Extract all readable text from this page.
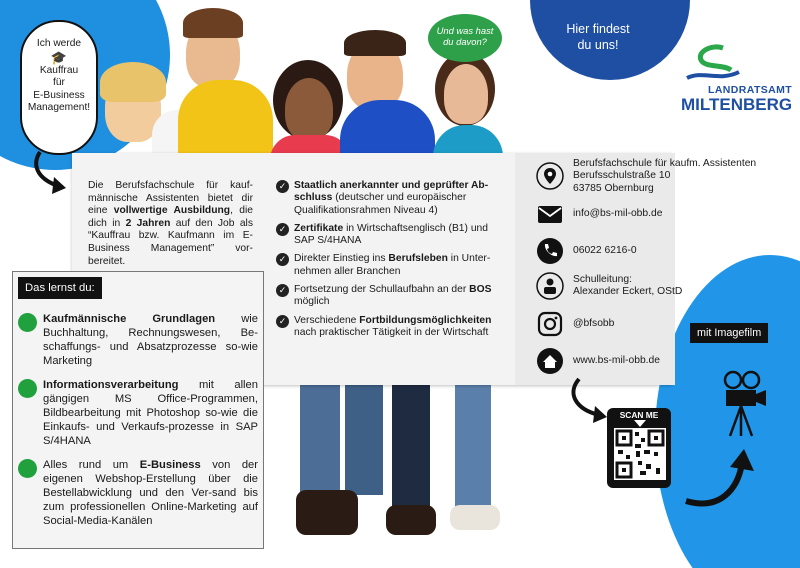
Ich werde
🎓
Kauffrau
für
E-Business
Management!
Und was hast
du davon?
Hier findest
du uns!
LANDRATSAMT
MILTENBERG
Die Berufsfachschule für kauf-männische Assistenten bietet dir eine vollwertige Ausbildung, die dich in 2 Jahren auf den Job als “Kauffrau bzw. Kaufmann im E-Business Management” vor-bereitet.
✓ Staatlich anerkannter und geprüfter Ab-schluss (deutscher und europäischer Qualifikationsrahmen Niveau 4)
✓ Zertifikate in Wirtschaftsenglisch (B1) und SAP S/4HANA
✓ Direkter Einstieg ins Berufsleben in Unter-nehmen aller Branchen
✓ Fortsetzung der Schullaufbahn an der BOS möglich
✓ Verschiedene Fortbildungsmöglichkeiten nach praktischer Tätigkeit in der Wirtschaft
Berufsfachschule für kaufm. Assistenten
Berufsschulstraße 10
63785 Obernburg
info@bs-mil-obb.de
06022 6216-0
Schulleitung:
Alexander Eckert, OStD
@bfsobb
www.bs-mil-obb.de
Das lernst du:
Kaufmännische Grundlagen wie Buchhaltung, Rechnungswesen, Be-schaffungs- und Absatzprozesse so-wie Marketing
Informationsverarbeitung mit allen gängigen MS Office-Programmen, Bildbearbeitung mit Photoshop so-wie die Einkaufs- und Verkaufs-prozesse in SAP S/4HANA
Alles rund um E-Business von der eigenen Webshop-Erstellung über die Bestellabwicklung und den Ver-sand bis zum professionellen Online-Marketing auf Social-Media-Kanälen
SCAN ME
mit Imagefilm
